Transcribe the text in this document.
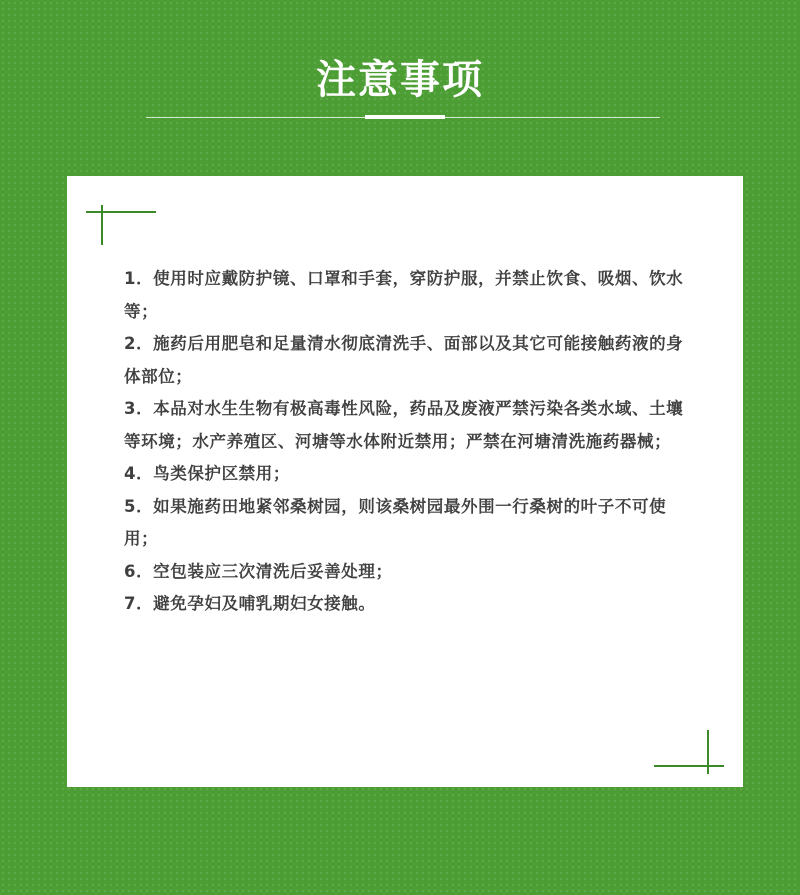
注意事项
1．使用时应戴防护镜、口罩和手套，穿防护服，并禁止饮食、吸烟、饮水等；
2．施药后用肥皂和足量清水彻底清洗手、面部以及其它可能接触药液的身体部位；
3．本品对水生生物有极高毒性风险，药品及废液严禁污染各类水域、土壤等环境；水产养殖区、河塘等水体附近禁用；严禁在河塘清洗施药器械；
4．鸟类保护区禁用；
5．如果施药田地紧邻桑树园，则该桑树园最外围一行桑树的叶子不可使用；
6．空包装应三次清洗后妥善处理；
7．避免孕妇及哺乳期妇女接触。
